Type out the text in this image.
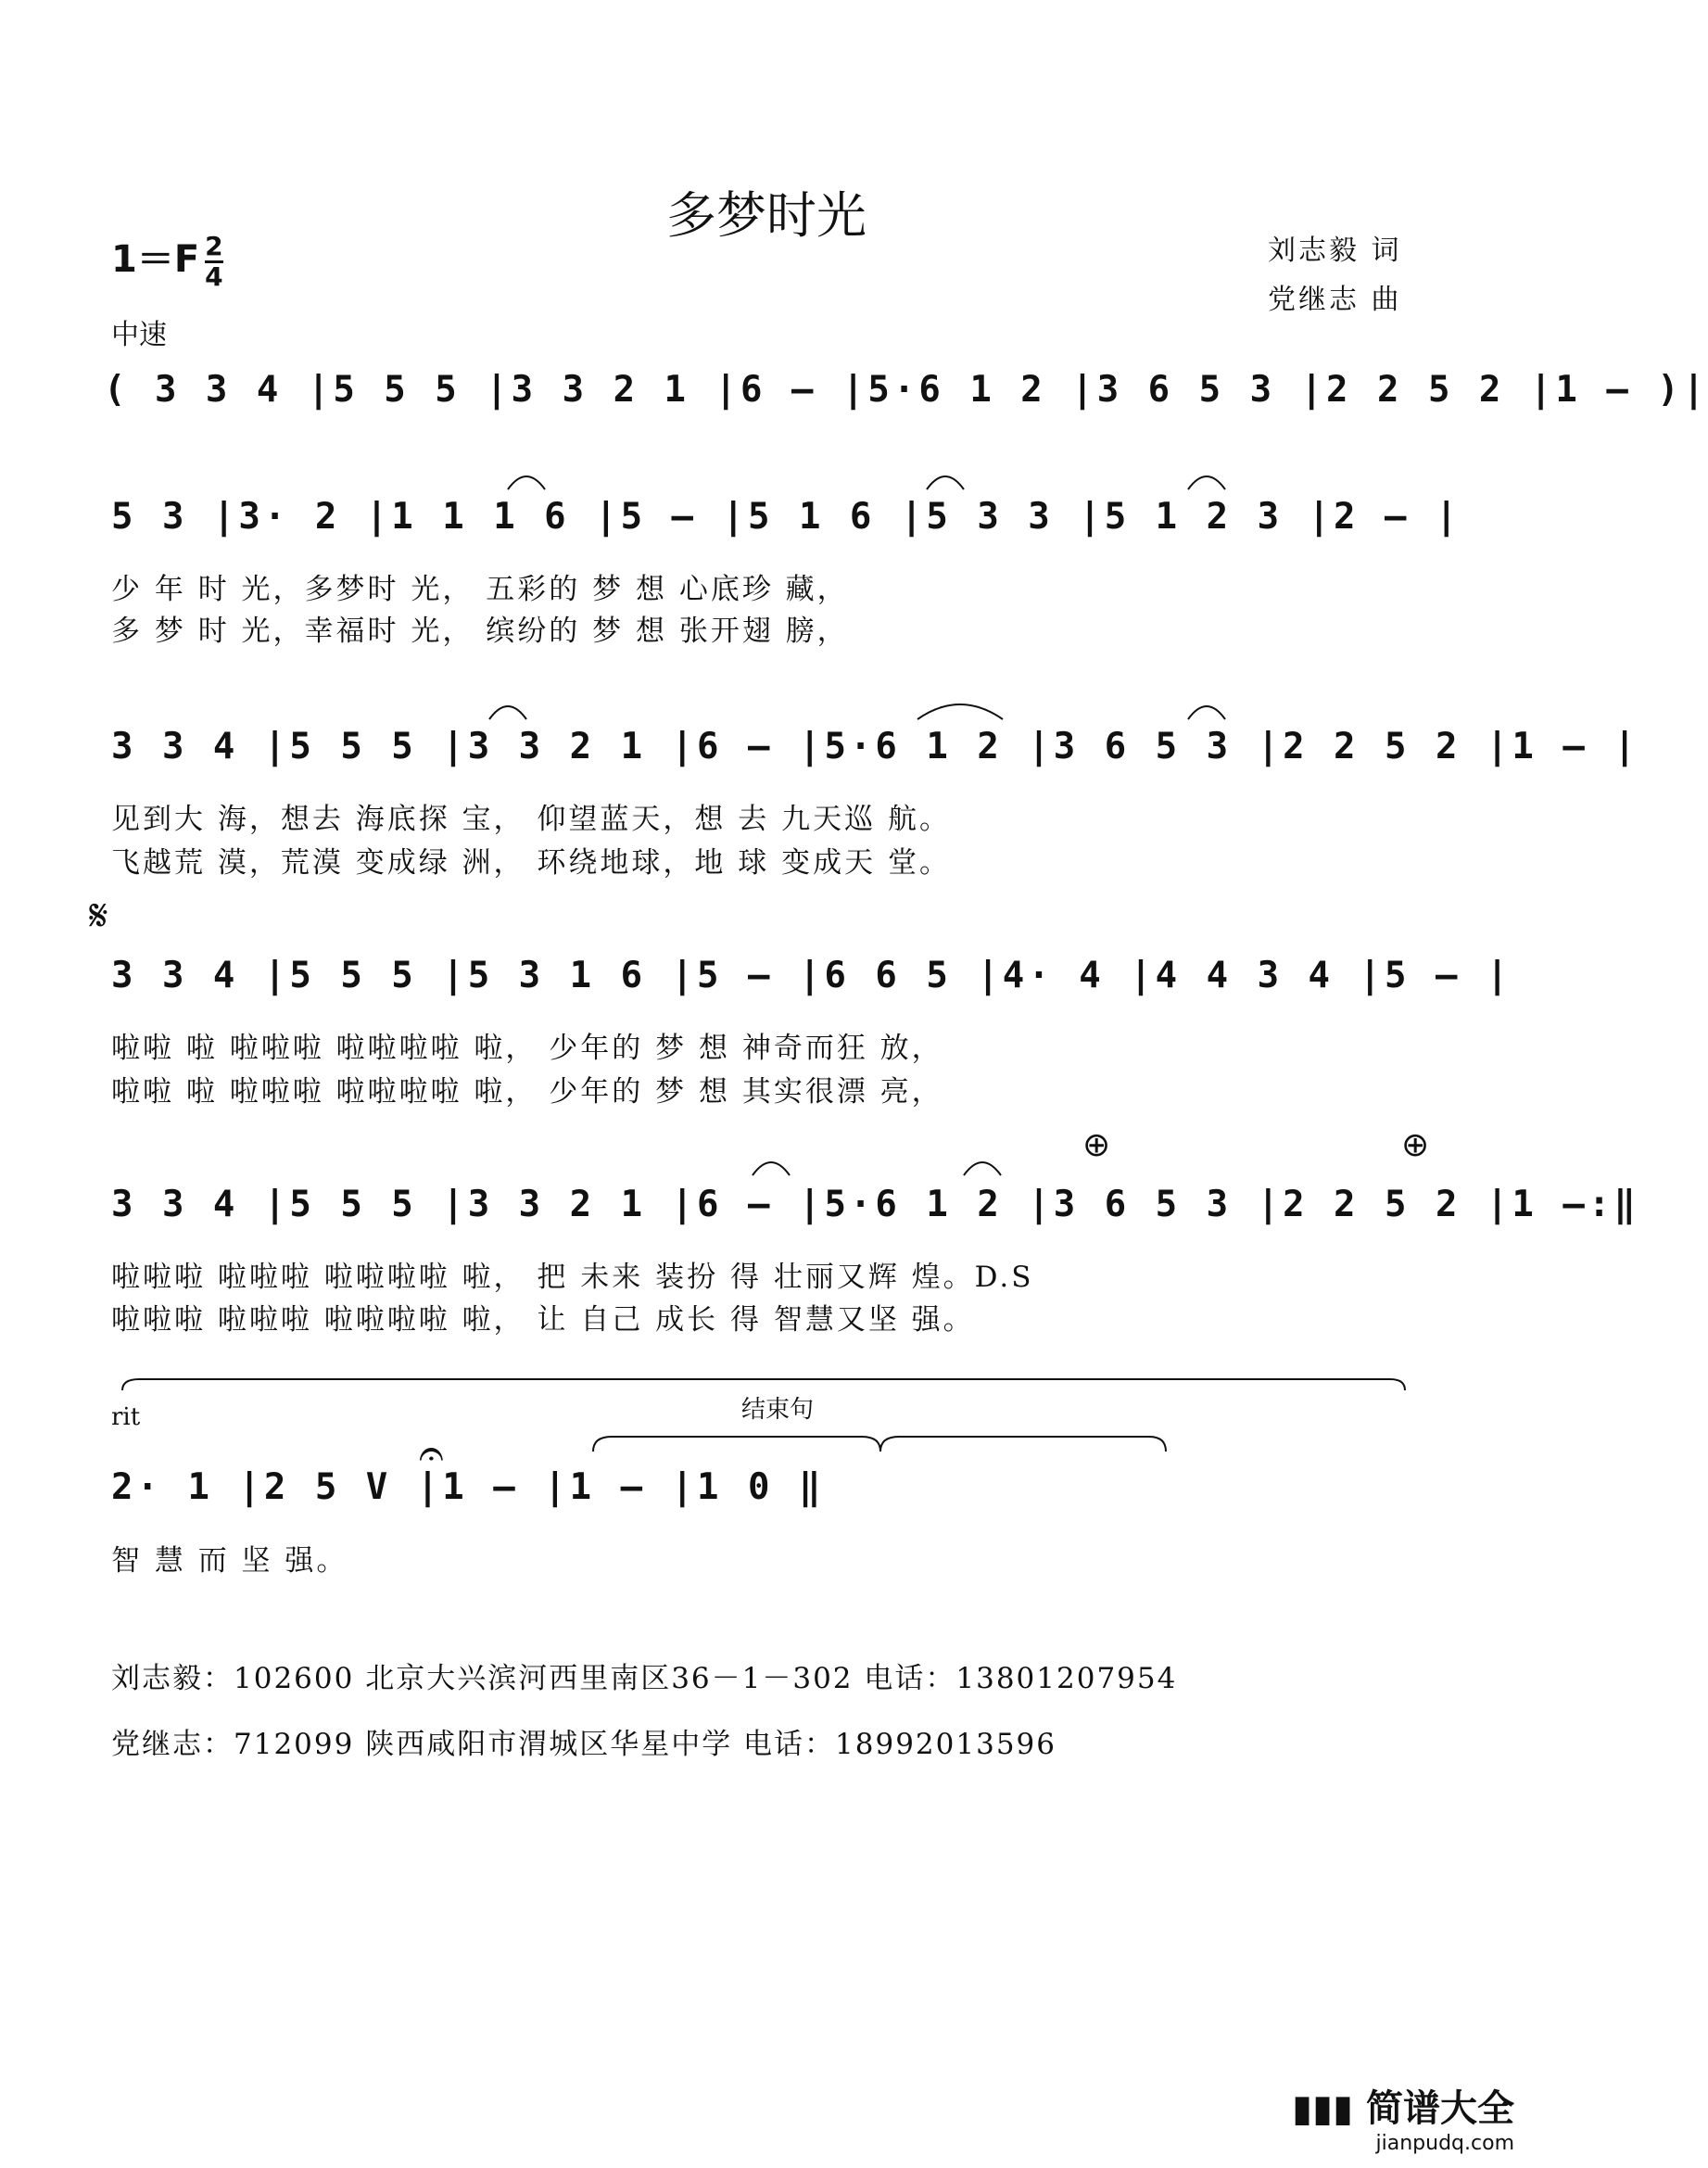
多梦时光
刘志毅 词
党继志 曲
$1=F \frac{2}{4}$
中速
( 3 3 4 |5 5 5 |3 3 2 1 |6 – |5·6 1 2 |3 6 5 3 |2 2 5 2 |1 – )|
5 3 |3· 2 |1 1 1 6 |5 – |5 1 6 |5 3 3 |5 1 2 3 |2 – |
少 年 时 光，多梦时 光， 五彩的 梦 想 心底珍 藏，
多 梦 时 光，幸福时 光， 缤纷的 梦 想 张开翅 膀，
3 3 4 |5 5 5 |3 3 2 1 |6 – |5·6 1 2 |3 6 5 3 |2 2 5 2 |1 – |
见到大 海，想去 海底探 宝， 仰望蓝天，想 去 九天巡 航。
飞越荒 漠，荒漠 变成绿 洲， 环绕地球，地 球 变成天 堂。
𝄋
3 3 4 |5 5 5 |5 3 1 6 |5 – |6 6 5 |4· 4 |4 4 3 4 |5 – |
啦啦 啦 啦啦啦 啦啦啦啦 啦， 少年的 梦 想 神奇而狂 放，
啦啦 啦 啦啦啦 啦啦啦啦 啦， 少年的 梦 想 其实很漂 亮，
⊕	⊕
3 3 4 |5 5 5 |3 3 2 1 |6 – |5·6 1 2 |3 6 5 3 |2 2 5 2 |1 –:‖
啦啦啦 啦啦啦 啦啦啦啦 啦， 把 未来 装扮 得 壮丽又辉 煌。D.S
啦啦啦 啦啦啦 啦啦啦啦 啦， 让 自己 成长 得 智慧又坚 强。
rit	结束句
𝄐
2· 1 |2 5 V |1 – |1 – |1 0 ‖
智 慧 而 坚 强。
刘志毅：102600 北京大兴滨河西里南区36－1－302 电话：13801207954
党继志：712099 陕西咸阳市渭城区华星中学 电话：18992013596
▮▮▮ 简谱大全
jianpudq.com
